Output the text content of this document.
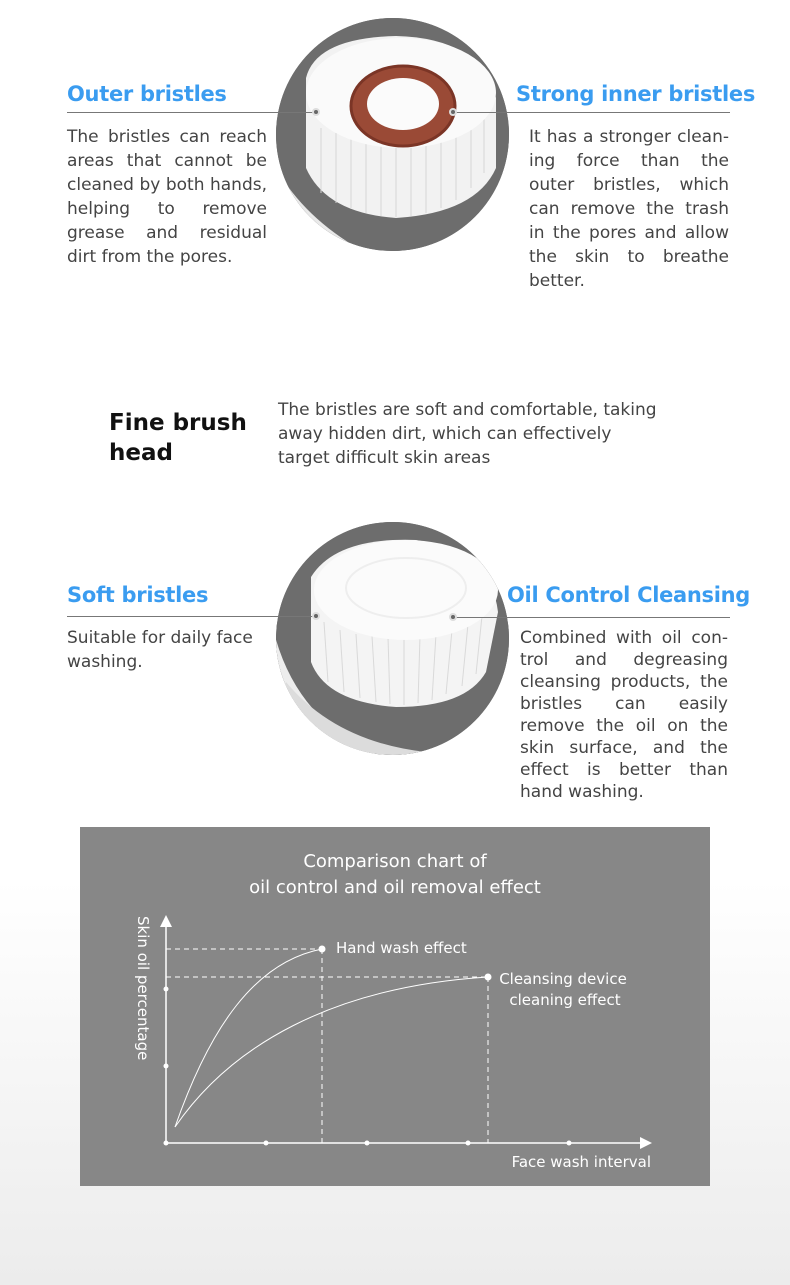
Outer bristles
The bristles can reach areas that cannot be cleaned by both hands, helping to remove grease and residual dirt from the pores.
Strong inner bristles
It has a stronger cleaning force than the outer bristles, which can remove the trash in the pores and allow the skin to breathe better.
Fine brush head
The bristles are soft and comfortable, taking away hidden dirt, which can effectively target difficult skin areas
Soft bristles
Suitable for daily face washing.
Oil Control Cleansing
Combined with oil control and degreasing cleansing products, the bristles can easily remove the oil on the skin surface, and the effect is better than hand washing.
Comparison chart of
oil control and oil removal effect
Hand wash effect
Cleansing device
cleaning effect
Face wash interval
Skin oil percentage
